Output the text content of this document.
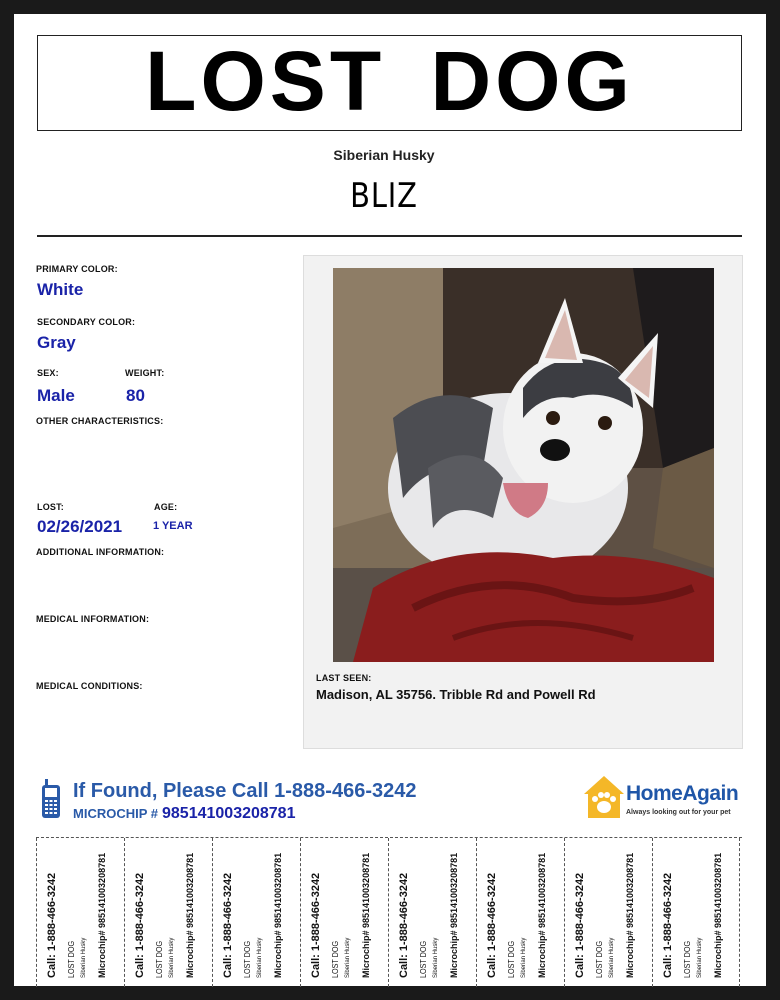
LOST DOG
Siberian Husky
BLIZ
PRIMARY COLOR:
White
SECONDARY COLOR:
Gray
SEX:
Male
WEIGHT:
80
OTHER CHARACTERISTICS:
LOST:
02/26/2021
AGE:
1 YEAR
ADDITIONAL INFORMATION:
MEDICAL INFORMATION:
MEDICAL CONDITIONS:
LAST SEEN:
Madison, AL 35756. Tribble Rd and Powell Rd
If Found, Please Call 1-888-466-3242
MICROCHIP # 985141003208781
HomeAgain
Always looking out for your pet
Call: 1-888-466-3242 LOST DOG Siberian Husky Microchip# 985141003208781 Call: 1-888-466-3242 LOST DOG Siberian Husky Microchip# 985141003208781 Call: 1-888-466-3242 LOST DOG Siberian Husky Microchip# 985141003208781 Call: 1-888-466-3242 LOST DOG Siberian Husky Microchip# 985141003208781 Call: 1-888-466-3242 LOST DOG Siberian Husky Microchip# 985141003208781 Call: 1-888-466-3242 LOST DOG Siberian Husky Microchip# 985141003208781 Call: 1-888-466-3242 LOST DOG Siberian Husky Microchip# 985141003208781 Call: 1-888-466-3242 LOST DOG Siberian Husky Microchip# 985141003208781
